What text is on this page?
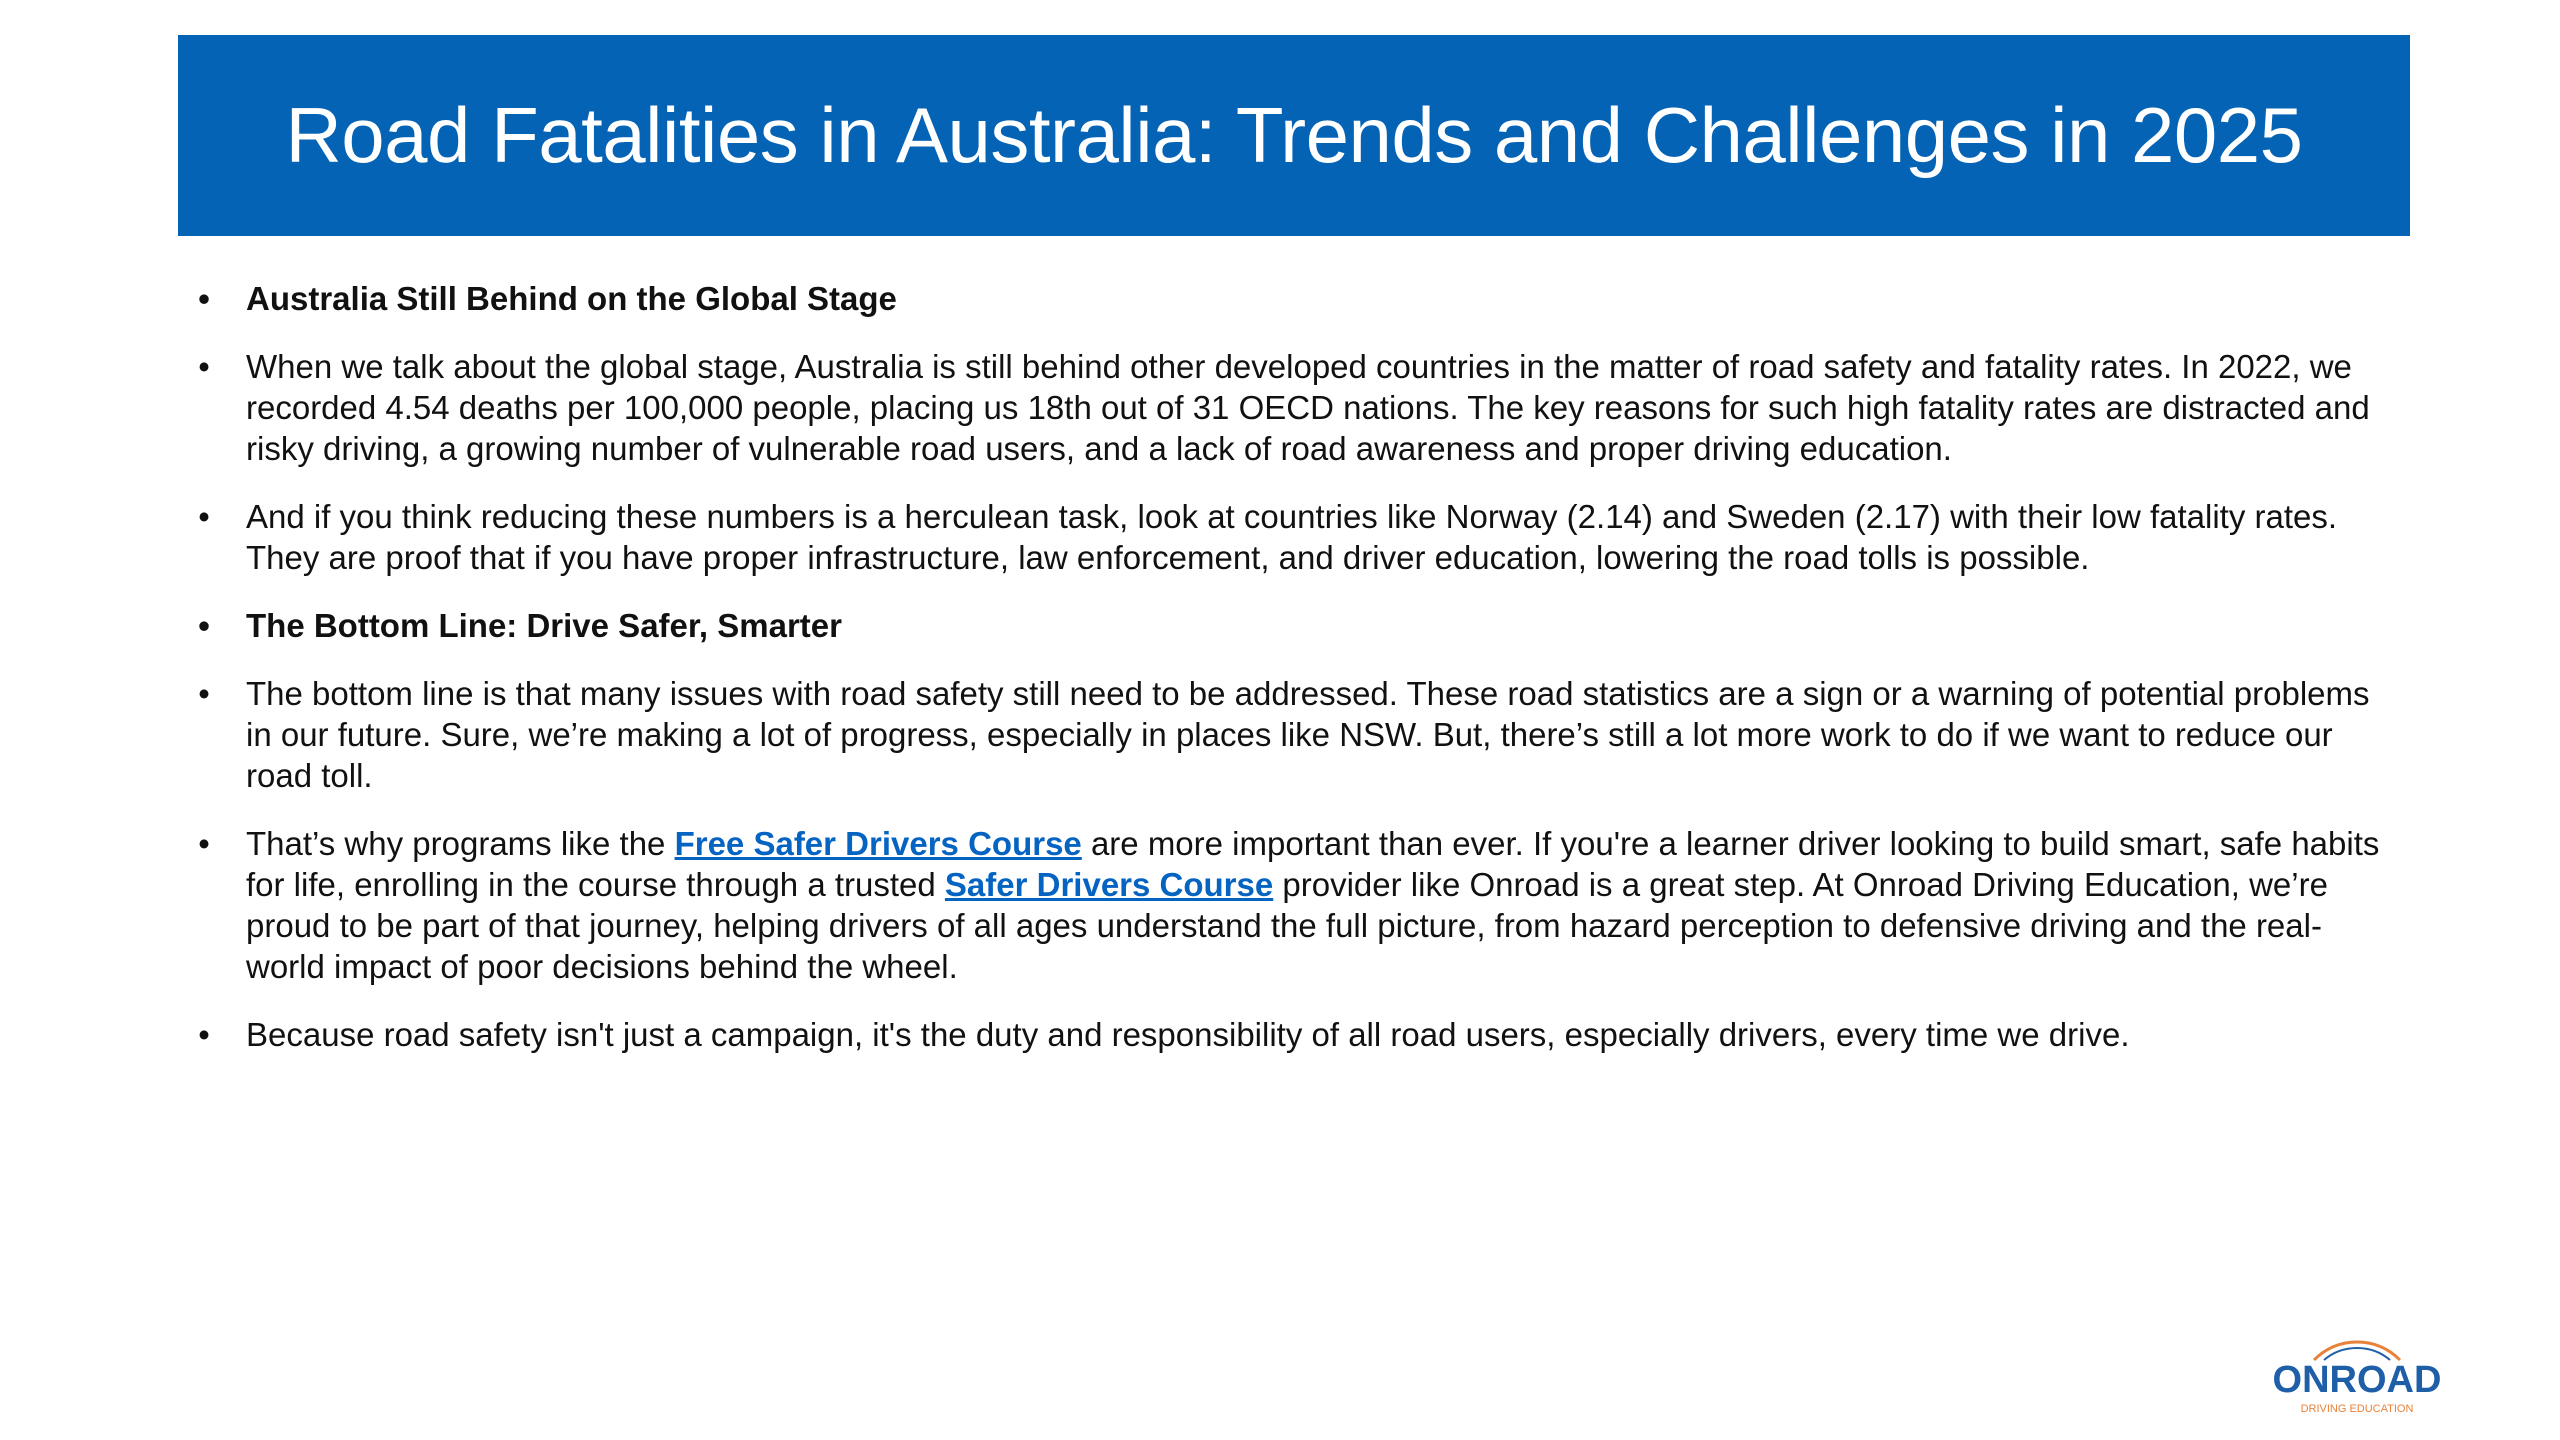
Road Fatalities in Australia: Trends and Challenges in 2025
• Australia Still Behind on the Global Stage
• When we talk about the global stage, Australia is still behind other developed countries in the matter of road safety and fatality rates. In 2022, we recorded 4.54 deaths per 100,000 people, placing us 18th out of 31 OECD nations. The key reasons for such high fatality rates are distracted and risky driving, a growing number of vulnerable road users, and a lack of road awareness and proper driving education.
• And if you think reducing these numbers is a herculean task, look at countries like Norway (2.14) and Sweden (2.17) with their low fatality rates. They are proof that if you have proper infrastructure, law enforcement, and driver education, lowering the road tolls is possible.
• The Bottom Line: Drive Safer, Smarter
• The bottom line is that many issues with road safety still need to be addressed. These road statistics are a sign or a warning of potential problems in our future. Sure, we’re making a lot of progress, especially in places like NSW. But, there’s still a lot more work to do if we want to reduce our road toll.
• That’s why programs like the Free Safer Drivers Course are more important than ever. If you're a learner driver looking to build smart, safe habits for life, enrolling in the course through a trusted Safer Drivers Course provider like Onroad is a great step. At Onroad Driving Education, we’re proud to be part of that journey, helping drivers of all ages understand the full picture, from hazard perception to defensive driving and the real-world impact of poor decisions behind the wheel.
• Because road safety isn't just a campaign, it's the duty and responsibility of all road users, especially drivers, every time we drive.
ONROAD
DRIVING EDUCATION
